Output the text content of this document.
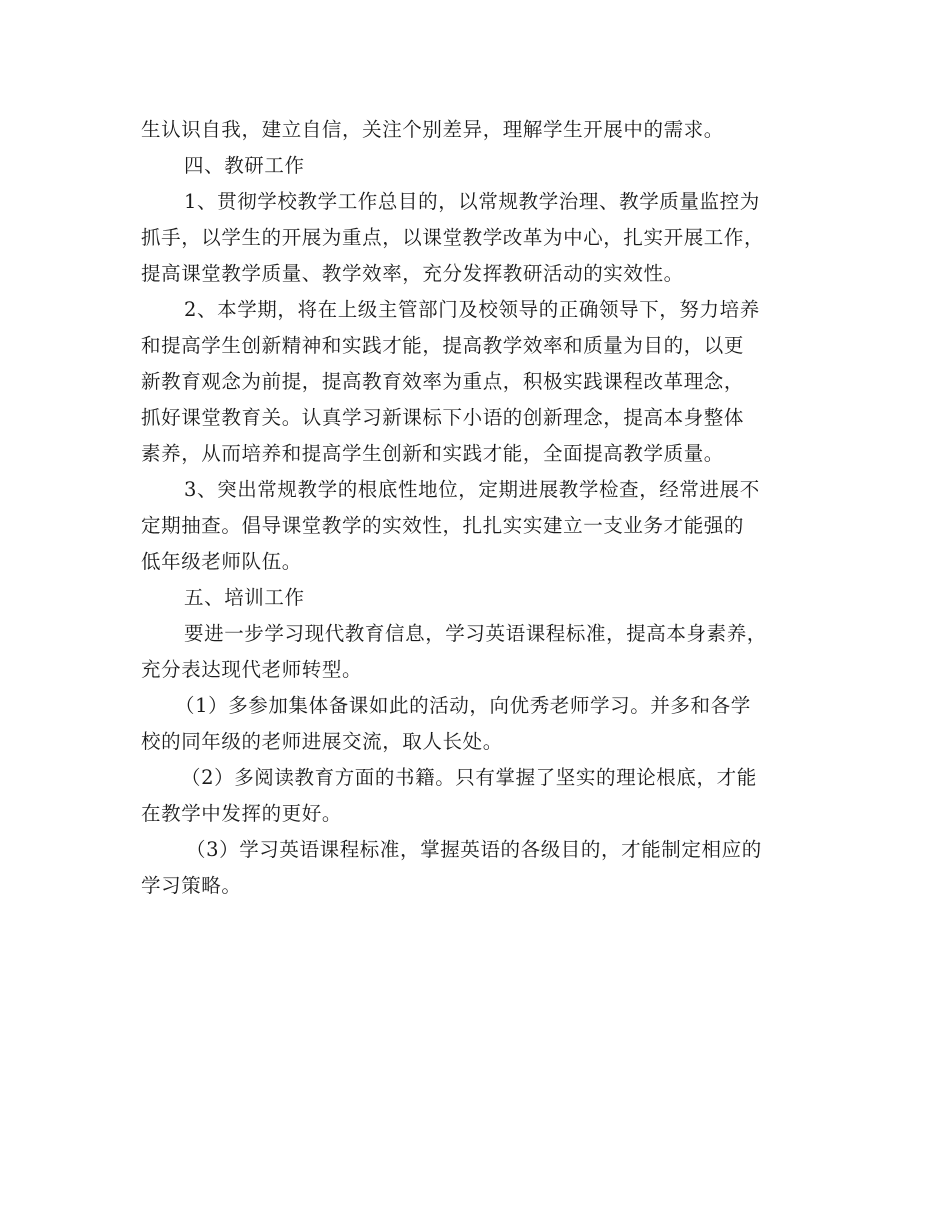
生认识自我，建立自信，关注个别差异，理解学生开展中的需求。
四、教研工作
1、贯彻学校教学工作总目的，以常规教学治理、教学质量监控为
抓手，以学生的开展为重点，以课堂教学改革为中心，扎实开展工作，
提高课堂教学质量、教学效率，充分发挥教研活动的实效性。
2、本学期，将在上级主管部门及校领导的正确领导下，努力培养
和提高学生创新精神和实践才能，提高教学效率和质量为目的，以更
新教育观念为前提，提高教育效率为重点，积极实践课程改革理念，
抓好课堂教育关。认真学习新课标下小语的创新理念，提高本身整体
素养，从而培养和提高学生创新和实践才能，全面提高教学质量。
3、突出常规教学的根底性地位，定期进展教学检查，经常进展不
定期抽查。倡导课堂教学的实效性，扎扎实实建立一支业务才能强的
低年级老师队伍。
五、培训工作
要进一步学习现代教育信息，学习英语课程标准，提高本身素养，
充分表达现代老师转型。
（1）多参加集体备课如此的活动，向优秀老师学习。并多和各学
校的同年级的老师进展交流，取人长处。
（2）多阅读教育方面的书籍。只有掌握了坚实的理论根底，才能
在教学中发挥的更好。
（3）学习英语课程标准，掌握英语的各级目的，才能制定相应的
学习策略。
